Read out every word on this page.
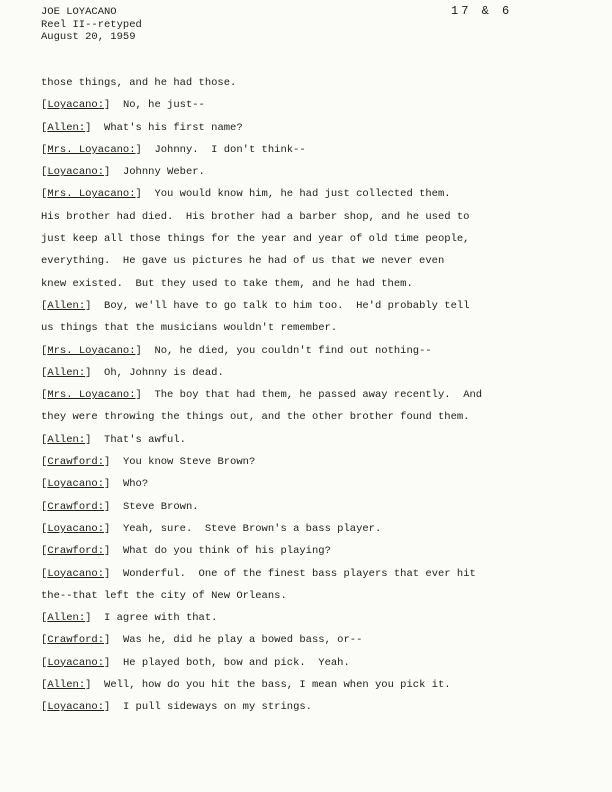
JOE LOYACANO
Reel II--retyped
August 20, 1959
17 & 6
those things, and he had those.
[Loyacano:]  No, he just--
[Allen:]  What's his first name?
[Mrs. Loyacano:]  Johnny.  I don't think--
[Loyacano:]  Johnny Weber.
[Mrs. Loyacano:]  You would know him, he had just collected them.
His brother had died.  His brother had a barber shop, and he used to
just keep all those things for the year and year of old time people,
everything.  He gave us pictures he had of us that we never even
knew existed.  But they used to take them, and he had them.
[Allen:]  Boy, we'll have to go talk to him too.  He'd probably tell
us things that the musicians wouldn't remember.
[Mrs. Loyacano:]  No, he died, you couldn't find out nothing--
[Allen:]  Oh, Johnny is dead.
[Mrs. Loyacano:]  The boy that had them, he passed away recently.  And
they were throwing the things out, and the other brother found them.
[Allen:]  That's awful.
[Crawford:]  You know Steve Brown?
[Loyacano:]  Who?
[Crawford:]  Steve Brown.
[Loyacano:]  Yeah, sure.  Steve Brown's a bass player.
[Crawford:]  What do you think of his playing?
[Loyacano:]  Wonderful.  One of the finest bass players that ever hit
the--that left the city of New Orleans.
[Allen:]  I agree with that.
[Crawford:]  Was he, did he play a bowed bass, or--
[Loyacano:]  He played both, bow and pick.  Yeah.
[Allen:]  Well, how do you hit the bass, I mean when you pick it.
[Loyacano:]  I pull sideways on my strings.
